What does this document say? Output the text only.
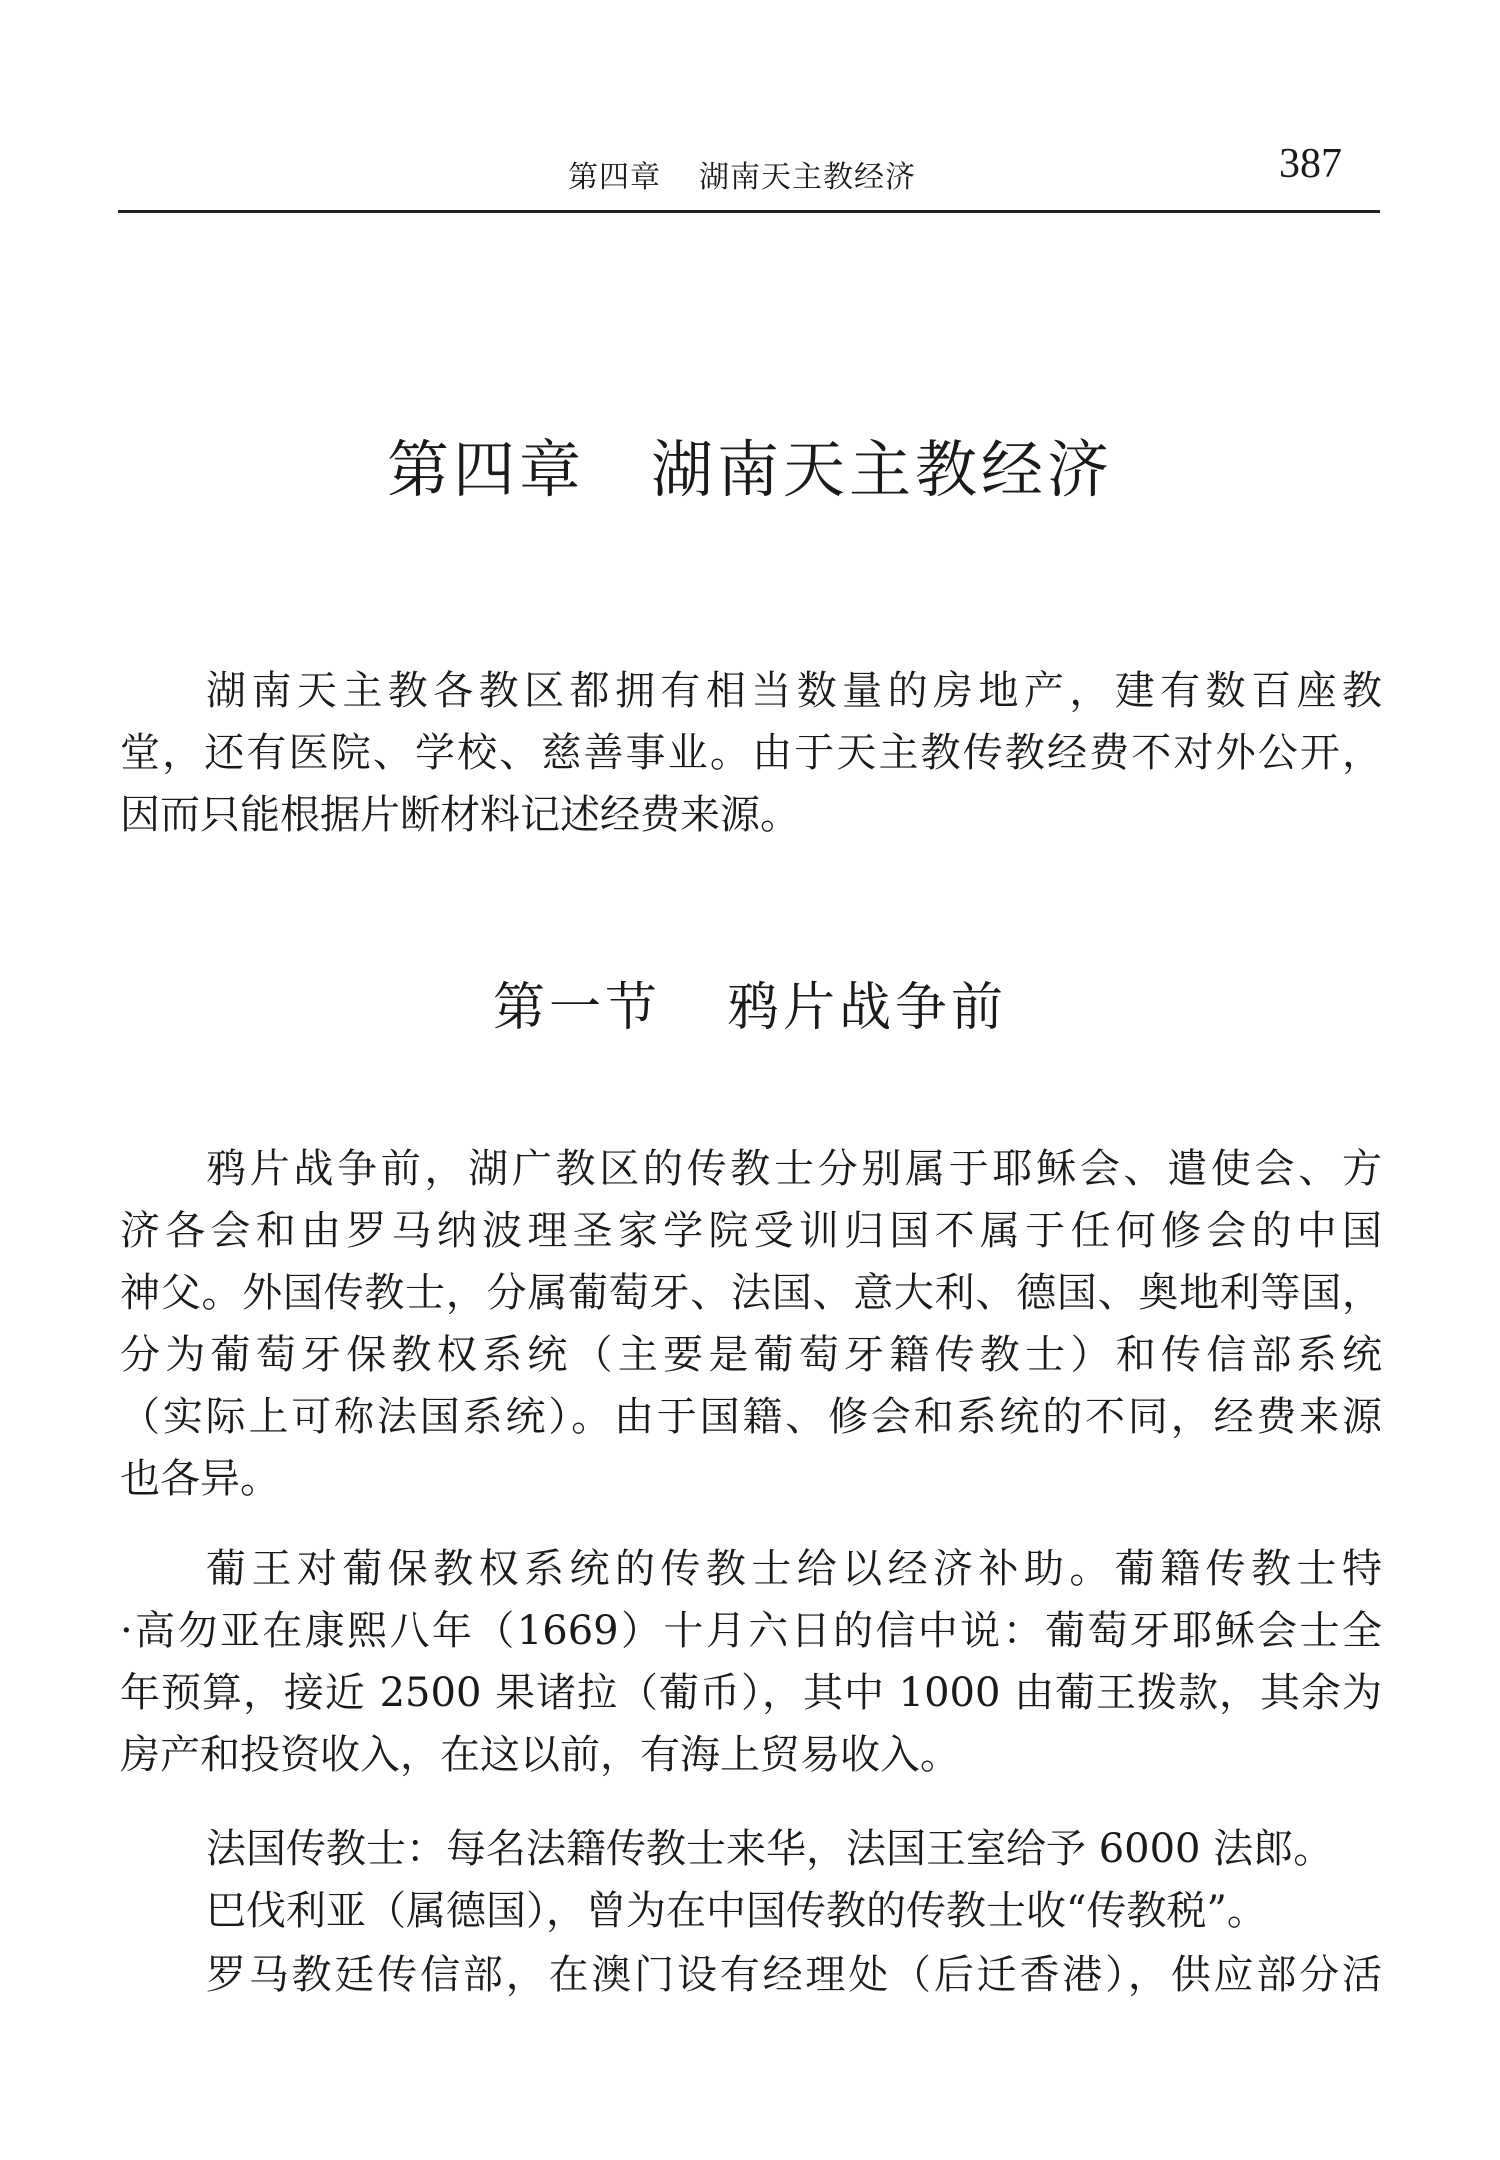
第四章 湖南天主教经济	387
第四章 湖南天主教经济
湖南天主教各教区都拥有相当数量的房地产，建有数百座教
堂，还有医院、学校、慈善事业。由于天主教传教经费不对外公开，
因而只能根据片断材料记述经费来源。
第一节 鸦片战争前
鸦片战争前，湖广教区的传教士分别属于耶稣会、遣使会、方
济各会和由罗马纳波理圣家学院受训归国不属于任何修会的中国
神父。外国传教士，分属葡萄牙、法国、意大利、德国、奥地利等国，
分为葡萄牙保教权系统（主要是葡萄牙籍传教士）和传信部系统
（实际上可称法国系统）。由于国籍、修会和系统的不同，经费来源
也各异。
葡王对葡保教权系统的传教士给以经济补助。葡籍传教士特
·高勿亚在康熙八年（1669）十月六日的信中说：葡萄牙耶稣会士全
年预算，接近 2500 果诸拉（葡币），其中 1000 由葡王拨款，其余为
房产和投资收入，在这以前，有海上贸易收入。
法国传教士：每名法籍传教士来华，法国王室给予 6000 法郎。
巴伐利亚（属德国），曾为在中国传教的传教士收“传教税”。
罗马教廷传信部，在澳门设有经理处（后迁香港），供应部分活
